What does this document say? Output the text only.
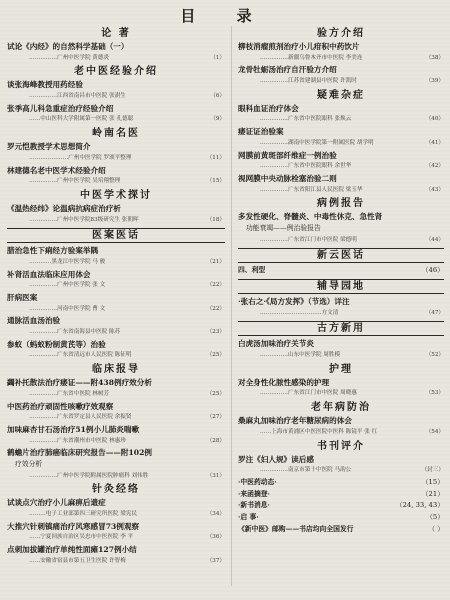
目 录
论 著
试论《内经》的自然科学基础（一）
（1）
……………广州中医学院 黄德炎
老中医经验介绍
谈张海峰教授用药经验
（6）
……………江西省南昌市中医院 张澍生
张季高儿科急重症治疗经验介绍
（9）
……中山医科大学附属第一医院 张 孔德聪
岭南名医
罗元恺教授学术思想简介
（11）
…………………广州中医学院 罗颂平整理
林建德名老中医学术经验介绍
（15）
……………广州中医学院 吴培翔整理
中医学术探讨
《温热经纬》论温病抗病症治疗析
（18）
……………广州中医学院83级研究生 张朝晖
医案医话
腊治急性下痢经方验案举隅
（21）
…………黑龙江中医学院 马 骏
补肾活血法临床应用体会
（22）
……………广州中医学院 张 文
肝病医案
（22）
……………河南中医学院 曹 文
通脉活血汤治验
（23）
……………广东省南海县中医院 陈苏
参蚁（蚂蚁粉制黄芪等）治验
（25）
……………广东省清远市人民医院 陈征明
临床报导
蠲补托散法治疗痿证——附438例疗效分析
（25）
……………广东省中医院 林树芳
中医药治疗顽固性咳嗽疗效观察
（27）
……………广东省罗定县人民医院 余振贤
加味麻杏甘石汤治疗51例小儿肺炎喘嗽
（28）
……………广东省潮州市中医院 林惠珍
鹤蟾片治疗肺癌临床研究报告——附102例
疗效分析
（31）
……………广州中医学院附属医院肿瘤科 刘伟胜
针灸经络
试谈点穴治疗小儿麻痹后遗症
（34）
………电子工业部第四三研究所医院 梁宪民
大推穴针刺镇痛治疗风寒感冒73例观察
（36）
……宁夏回族自治区吴忠市中医医院 李 平
点刺加拔罐治疗单纯性面瘫127例小结
（37）
……安徽省宿县市第五卫生医院 许智梅
验方介绍
柳枝消瘤煎剂治疗小儿疳积中药饮片
（38）
……………新疆乌鲁木齐市中医院 李美连
龙骨牡蛎汤治疗自汗验方介绍
（39）
……………江苏省建湖县中医院 许凯时
疑难杂症
眼科血证治疗体会
（40）
……………广东省中医院眼科 张焕云
痿证证治验案
（41）
……………湖南中医学院第一附属医院 胡学明
网膜前黄斑部纤维症一例治验
（42）
……………广东省中医院眼科 余世华
视网膜中央动脉栓塞治验二则
（43）
……………广东省阳江县人民医院 梁玉华
病例报告
多发性硬化、脊髓炎、中毒性休克、急性肾
功能衰竭——例治验报告
（44）
……………广东省江门市中医院 梁德明
新云医话
（46）
四、利型
辅导园地
·张右之·《局方发挥》（节选）详注
（47）
……………………………方文清
古方新用
白虎汤加味治疗关节炎
（52）
……………山东中医学院 周胜模
护理
对全身性化脓性感染的护理
（53）
……………广东省江门市中医院 周晓惠
老年病防治
桑麻丸加味治疗老年糖尿病的体会
（54）
……上海市黄浦区中医医院中医科 陈镜平 张 红
书刊评介
罗注《妇人规》读后感
（封三）
……………南京市第十中医院 马韵公
（15）
·中医药动态·
（21）
·来函摘登·
（24, 33, 43）
·新书消息·
（5）
·启 事·
（ ）
《新中医》邮购——书店均向全国发行
